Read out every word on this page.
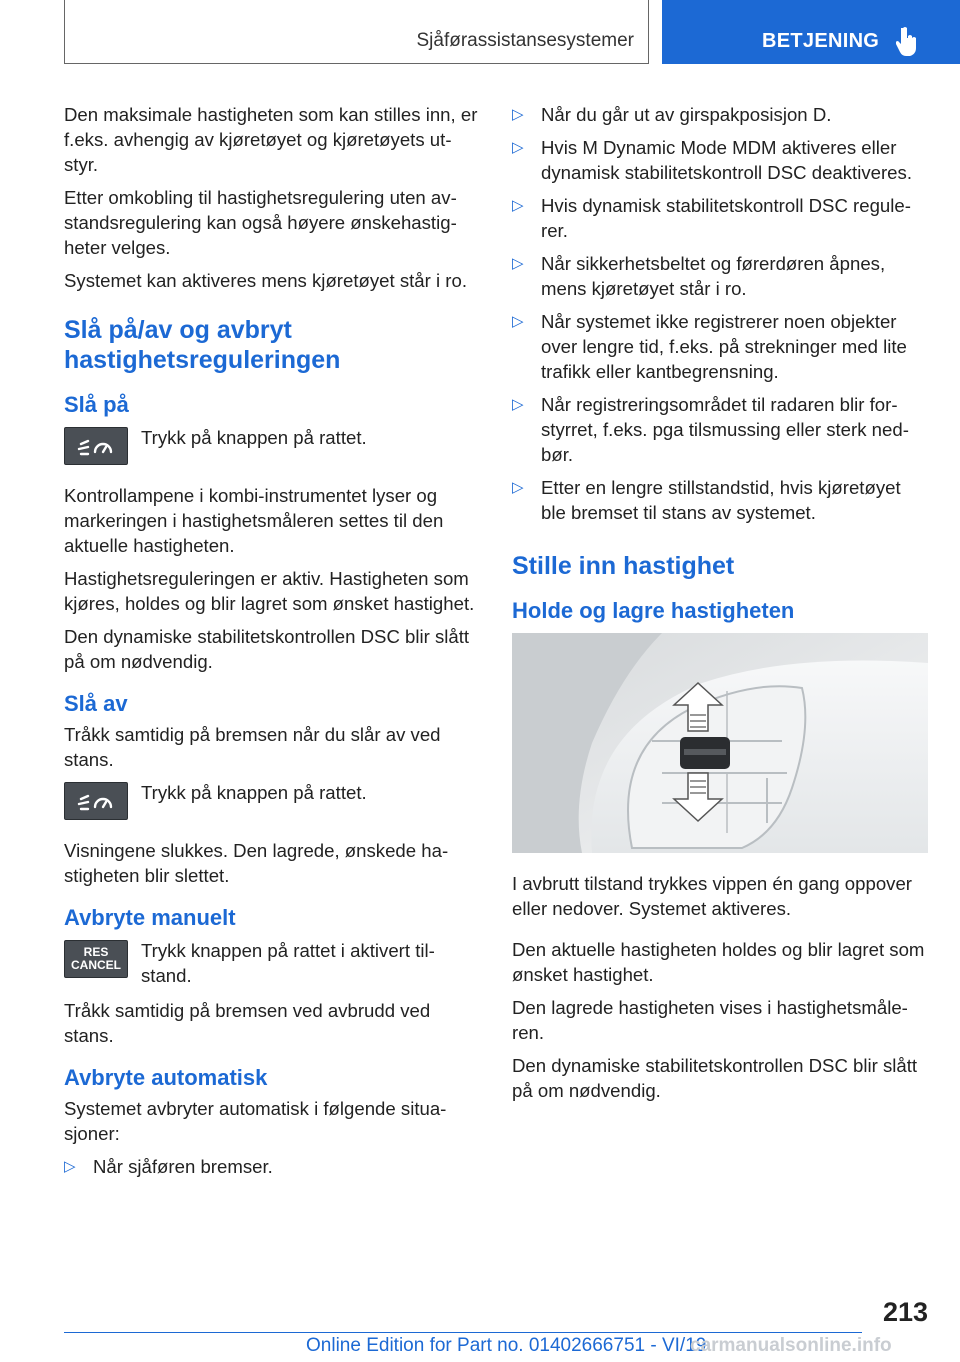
Sjåførassistansesystemer	BETJENING

Den maksimale hastigheten som kan stilles inn, er f.eks. avhengig av kjøretøyet og kjøretøyets utstyr.

Etter omkobling til hastighetsregulering uten avstandsregulering kan også høyere ønskehastigheter velges.

Systemet kan aktiveres mens kjøretøyet står i ro.

Slå på/av og avbryt hastighetsreguleringen
Slå på
Trykk på knappen på rattet.

Kontrollampene i kombi-instrumentet lyser og markeringen i hastighetsmåleren settes til den aktuelle hastigheten.

Hastighetsreguleringen er aktiv. Hastigheten som kjøres, holdes og blir lagret som ønsket hastighet.

Den dynamiske stabilitetskontrollen DSC blir slått på om nødvendig.

Slå av

Tråkk samtidig på bremsen når du slår av ved stans.

Trykk på knappen på rattet.

Visningene slukkes. Den lagrede, ønskede hastigheten blir slettet.

Avbryte manuelt
RES
CANCEL
Trykk knappen på rattet i aktivert tilstand.

Tråkk samtidig på bremsen ved avbrudd ved stans.

Avbryte automatisk

Systemet avbryter automatisk i følgende situasjoner:

▷ Når sjåføren bremser.
▷ Når du går ut av girspakposisjon D.
▷ Hvis M Dynamic Mode MDM aktiveres eller dynamisk stabilitetskontroll DSC deaktiveres.
▷ Hvis dynamisk stabilitetskontroll DSC regulerer.
▷ Når sikkerhetsbeltet og førerdøren åpnes, mens kjøretøyet står i ro.
▷ Når systemet ikke registrerer noen objekter over lengre tid, f.eks. på strekninger med lite trafikk eller kantbegrensning.
▷ Når registreringsområdet til radaren blir forstyrret, f.eks. pga tilsmussing eller sterk nedbør.
▷ Etter en lengre stillstandstid, hvis kjøretøyet ble bremset til stans av systemet.
Stille inn hastighet
Holde og lagre hastigheten

I avbrutt tilstand trykkes vippen én gang oppover eller nedover. Systemet aktiveres.

Den aktuelle hastigheten holdes og blir lagret som ønsket hastighet.

Den lagrede hastigheten vises i hastighetsmåleren.

Den dynamiske stabilitetskontrollen DSC blir slått på om nødvendig.

213
Online Edition for Part no. 01402666751 - VI/19
carmanualsonline.info
